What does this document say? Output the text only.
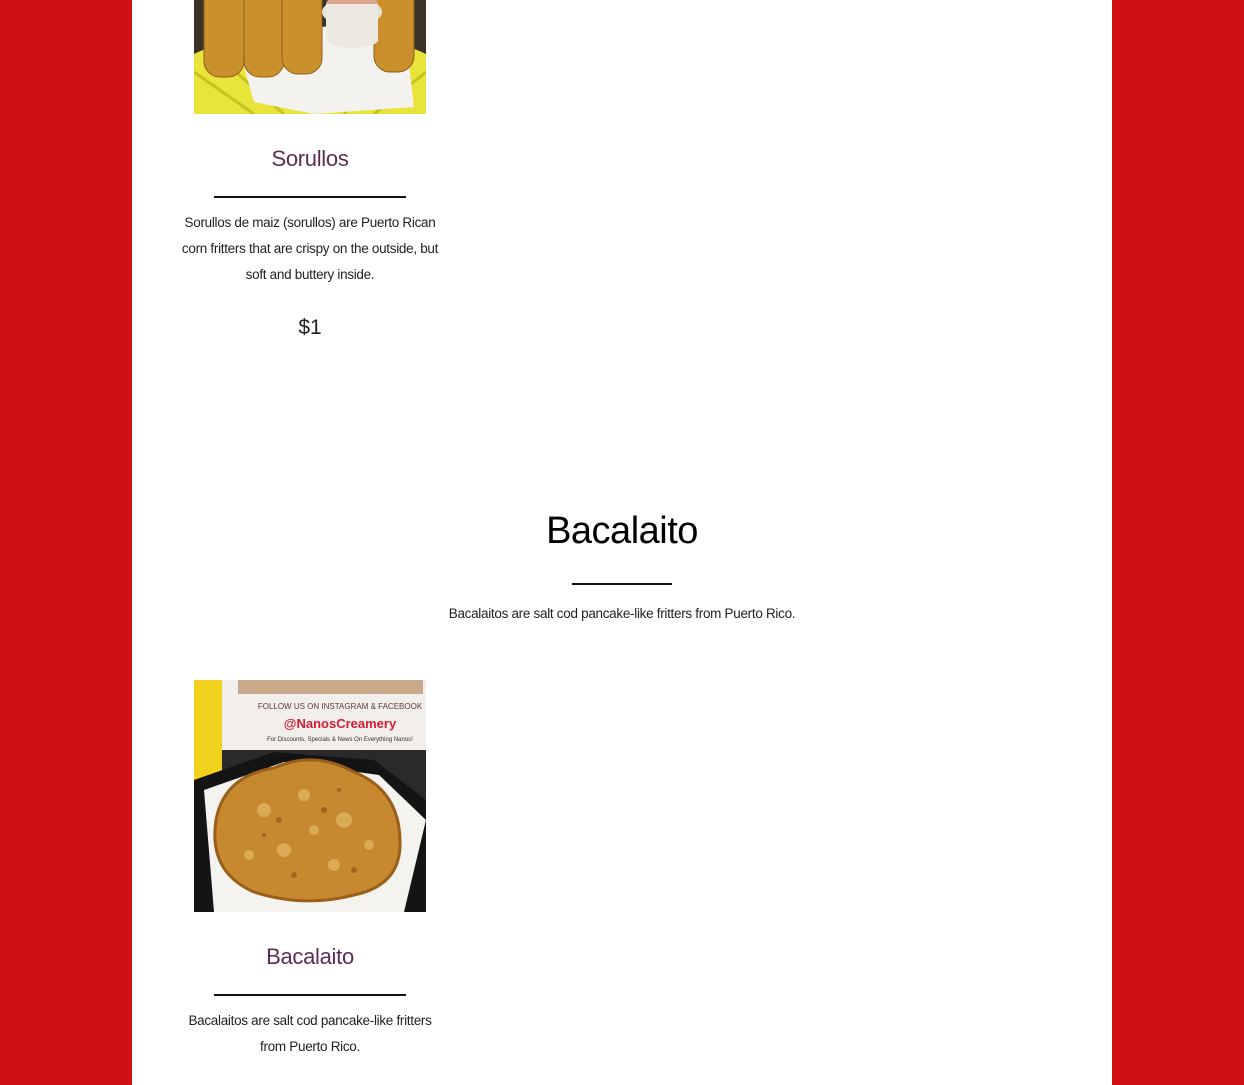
Sorullos
Sorullos de maiz (sorullos) are Puerto Rican corn fritters that are crispy on the outside, but soft and buttery inside.
$1
Bacalaito
Bacalaitos are salt cod pancake-like fritters from Puerto Rico.
FOLLOW US ON INSTAGRAM & FACEBOOK
@NanosCreamery
For Discounts, Specials & News On Everything Nanos!
Bacalaito
Bacalaitos are salt cod pancake-like fritters from Puerto Rico.
